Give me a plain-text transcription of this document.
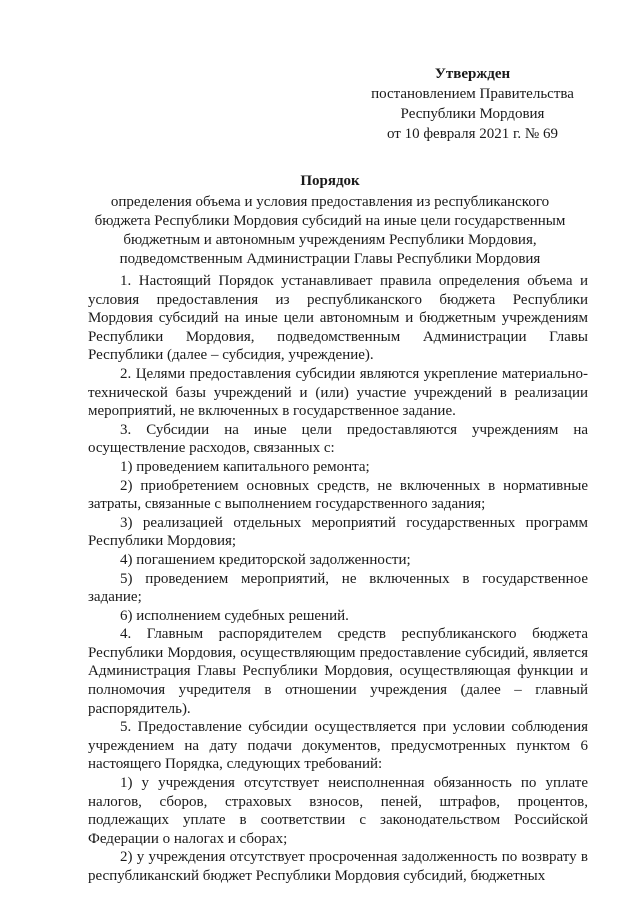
Утвержден
постановлением Правительства
Республики Мордовия
от 10 февраля 2021 г. № 69
Порядок
определения объема и условия предоставления из республиканского
бюджета Республики Мордовия субсидий на иные цели государственным
бюджетным и автономным учреждениям Республики Мордовия,
подведомственным Администрации Главы Республики Мордовия

1. Настоящий Порядок устанавливает правила определения объема и условия предоставления из республиканского бюджета Республики Мордовия субсидий на иные цели автономным и бюджетным учреждениям Республики Мордовия, подведомственным Администрации Главы Республики (далее – субсидия, учреждение).

2. Целями предоставления субсидии являются укрепление материально-технической базы учреждений и (или) участие учреждений в реализации мероприятий, не включенных в государственное задание.

3. Субсидии на иные цели предоставляются учреждениям на осуществление расходов, связанных с:

1) проведением капитального ремонта;

2) приобретением основных средств, не включенных в нормативные затраты, связанные с выполнением государственного задания;

3) реализацией отдельных мероприятий государственных программ Республики Мордовия;

4) погашением кредиторской задолженности;

5) проведением мероприятий, не включенных в государственное задание;

6) исполнением судебных решений.

4. Главным распорядителем средств республиканского бюджета Республики Мордовия, осуществляющим предоставление субсидий, является Администрация Главы Республики Мордовия, осуществляющая функции и полномочия учредителя в отношении учреждения (далее – главный распорядитель).

5. Предоставление субсидии осуществляется при условии соблюдения учреждением на дату подачи документов, предусмотренных пунктом 6 настоящего Порядка, следующих требований:

1) у учреждения отсутствует неисполненная обязанность по уплате налогов, сборов, страховых взносов, пеней, штрафов, процентов, подлежащих уплате в соответствии с законодательством Российской Федерации о налогах и сборах;

2) у учреждения отсутствует просроченная задолженность по возврату в республиканский бюджет Республики Мордовия субсидий, бюджетных
